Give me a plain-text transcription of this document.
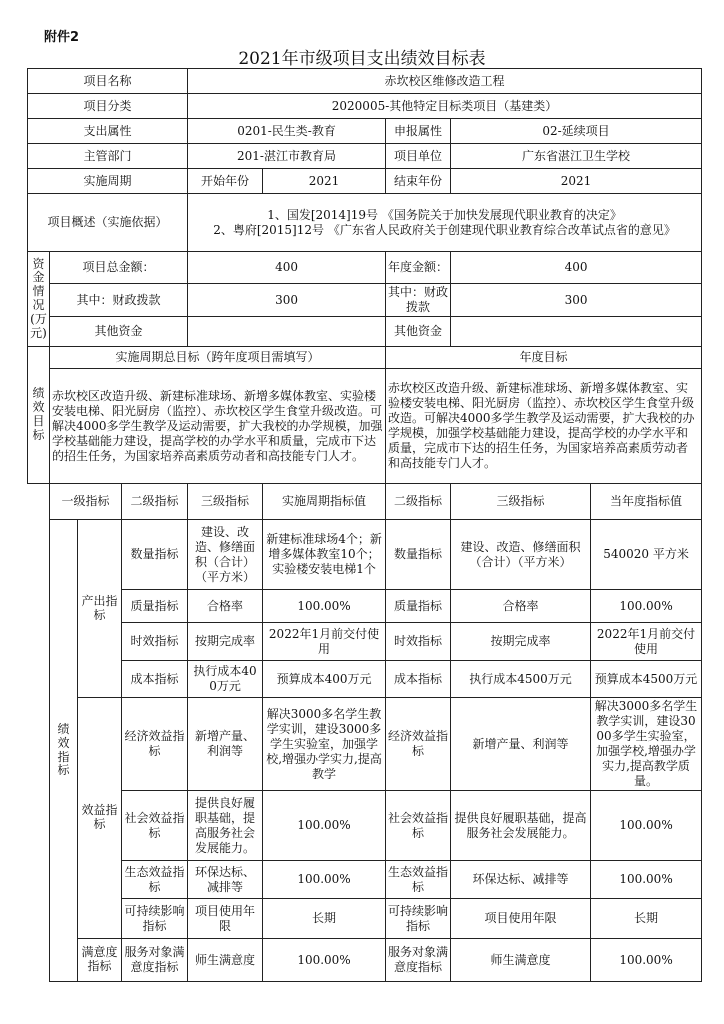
附件2
2021年市级项目支出绩效目标表
项目名称				赤坎校区维修改造工程				
项目分类				2020005-其他特定目标类项目（基建类）				
支出属性				0201-民生类-教育		申报属性	02-延续项目	
主管部门				201-湛江市教育局		项目单位	广东省湛江卫生学校	
实施周期				开始年份	2021	结束年份	2021	
项目概述（实施依据）				1、国发[2014]19号 《国务院关于加快发展现代职业教育的决定》
2、粤府[2015]12号 《广东省人民政府关于创建现代职业教育综合改革试点省的意见》				

资金情况(万元)	项目总金额：			400		年度金额：	400	
	其中：财政拨款			300		其中：财政拨款	300	
	其他资金					其他资金		
绩效目标	实施周期总目标（跨年度项目需填写）					年度目标		
	赤坎校区改造升级、新建标准球场、新增多媒体教室、实验楼安装电梯、阳光厨房（监控）、赤坎校区学生食堂升级改造。可解决4000多学生教学及运动需要，扩大我校的办学规模，加强学校基础能力建设，提高学校的办学水平和质量，完成市下达的招生任务，为国家培养高素质劳动者和高技能专门人才。					赤坎校区改造升级、新建标准球场、新增多媒体教室、实验楼安装电梯、阳光厨房（监控）、赤坎校区学生食堂升级改造。可解决4000多学生教学及运动需要，扩大我校的办学规模，加强学校基础能力建设，提高学校的办学水平和质量，完成市下达的招生任务，为国家培养高素质劳动者和高技能专门人才。		
	一级指标		二级指标	三级指标	实施周期指标值	二级指标	三级指标	当年度指标值
	绩效指标	产出指标	数量指标	建设、改造、修缮面积（合计）（平方米）	新建标准球场4个；新增多媒体教室10个；实验楼安装电梯1个	数量指标	建设、改造、修缮面积（合计）（平方米）	540020 平方米
			质量指标	合格率	100.00%	质量指标	合格率	100.00%
			时效指标	按期完成率	2022年1月前交付使用	时效指标	按期完成率	2022年1月前交付使用
			成本指标	执行成本400万元	预算成本400万元	成本指标	执行成本4500万元	预算成本4500万元
		效益指标	经济效益指标	新增产量、利润等	解决3000多名学生教学实训，建设3000多学生实验室，加强学校,增强办学实力,提高教学	经济效益指标	新增产量、利润等	解决3000多名学生教学实训，建设3000多学生实验室，加强学校,增强办学实力,提高教学质量。
			社会效益指标	提供良好履职基础，提高服务社会发展能力。	100.00%	社会效益指标	提供良好履职基础，提高服务社会发展能力。	100.00%
			生态效益指标	环保达标、减排等	100.00%	生态效益指标	环保达标、减排等	100.00%
			可持续影响指标	项目使用年限	长期	可持续影响指标	项目使用年限	长期
		满意度指标	服务对象满意度指标	师生满意度	100.00%	服务对象满意度指标	师生满意度	100.00%
